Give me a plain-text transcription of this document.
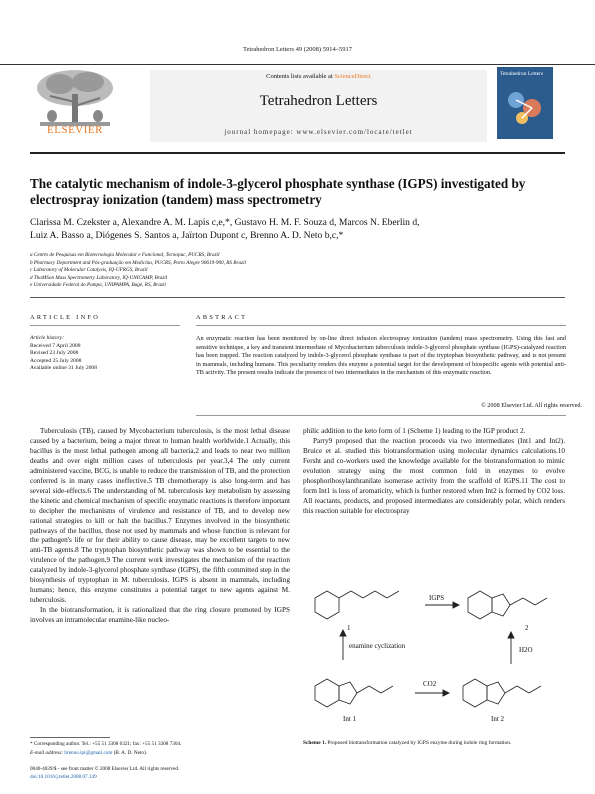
Tetrahedron Letters 49 (2008) 5914–5917
ELSEVIER
Contents lists available at ScienceDirect
Tetrahedron Letters
journal homepage: www.elsevier.com/locate/tetlet
Tetrahedron Letters
The catalytic mechanism of indole-3-glycerol phosphate synthase (IGPS) investigated by electrospray ionization (tandem) mass spectrometry
Clarissa M. Czekster a, Alexandre A. M. Lapis c,e,*, Gustavo H. M. F. Souza d, Marcos N. Eberlin d,
Luiz A. Basso a, Diógenes S. Santos a, Jaïrton Dupont c, Brenno A. D. Neto b,c,*
a Centro de Pesquisas em Biotecnologia Molecular e Funcional, Tecnopuc, PUCRS, Brazil
b Pharmacy Department and Pós-graduação em Medicina, PUCRS, Porto Alegre 90619-900, RS Brazil
c Laboratory of Molecular Catalysis, IQ-UFRGS, Brazil
d ThoMSon Mass Spectrometry Laboratory, IQ-UNICAMP, Brazil
e Universidade Federal do Pampa, UNIPAMPA, Bagé, RS, Brazil
ARTICLE INFO	ABSTRACT
Article history:
Received 7 April 2008
Revised 23 July 2008
Accepted 25 July 2008
Available online 31 July 2008
An enzymatic reaction has been monitored by on-line direct infusion electrospray ionization (tandem) mass spectrometry. Using this fast and sensitive technique, a key and transient intermediate of Mycobacterium tuberculosis indole-3-glycerol phosphate synthase (IGPS)-catalyzed reaction has been trapped. The reaction catalyzed by indole-3-glycerol phosphate synthase is part of the tryptophan biosynthetic pathway, and is not present in mammals, including humans. This peculiarity renders this enzyme a potential target for the development of biospecific agents with potential anti-TB activity. The present results indicate the presence of two intermediates in the mechanism of this enzymatic reaction.
© 2008 Elsevier Ltd. All rights reserved.

Tuberculosis (TB), caused by Mycobacterium tuberculosis, is the most lethal disease caused by a bacterium, being a major threat to human health worldwide.1 Actually, this bacillus is the most lethal pathogen among all bacteria,2 and leads to near two million deaths and over eight million cases of tuberculosis per year.3,4 The only current administered vaccine, BCG, is unable to reduce the transmission of TB, and the protection conferred is in many cases ineffective.5 TB chemotherapy is also long-term and has several side-effects.6 The understanding of M. tuberculosis key metabolism by assessing the kinetic and chemical mechanism of specific enzymatic reactions is therefore important to decipher the mechanisms of virulence and resistance of TB, and to develop new rational strategies to kill or halt the bacillus.7 Enzymes involved in the biosynthetic pathways of the bacillus, those not used by mammals and whose function is relevant for the pathogen's life or for their ability to cause disease, may be excellent targets to new anti-TB agents.8 The tryptophan biosynthetic pathway was shown to be essential to the virulence of the pathogen.9 The current work investigates the mechanism of the reaction catalyzed by indole-3-glycerol phosphate synthase (IGPS), the fifth committed step in the biosynthesis of tryptophan in M. tuberculosis. IGPS is absent in mammals, including humans; hence, this enzyme constitutes a potential target to new agents against M. tuberculosis.

In the biotransformation, it is rationalized that the ring closure promoted by IGPS involves an intramolecular enamine-like nucleo-

philic addition to the keto form of 1 (Scheme 1) leading to the IGP product 2.

Parry9 proposed that the reaction proceeds via two intermediates (Int1 and Int2). Bruice et al. studied this biotransformation using molecular dynamics calculations.10 Fersht and co-workers used the knowledge available for the biotransformation to mimic evolution strategy using the most common fold in enzymes to evolve phosphoribosylanthranilate isomerase activity from the scaffold of IGPS.11 The cost to form Int1 is loss of aromaticity, which is further restored when Int2 is formed by CO2 loss. All reactants, products, and proposed intermediates are considerably polar, which renders this reaction suitable for electrospray

1	2
Int 1	Int 2
IGPS
enamine cyclization	H2O
CO2
Scheme 1. Proposed biotransformation catalyzed by IGPS enzyme during indole ring formation.
* Corresponding author. Tel.: +55 51 3308 6321; fax: +55 51 3308 7304.
E-mail address: brenno.ipi@gmail.com (B. A. D. Neto).
0040-4039/$ - see front matter © 2008 Elsevier Ltd. All rights reserved.
doi:10.1016/j.tetlet.2008.07.149
